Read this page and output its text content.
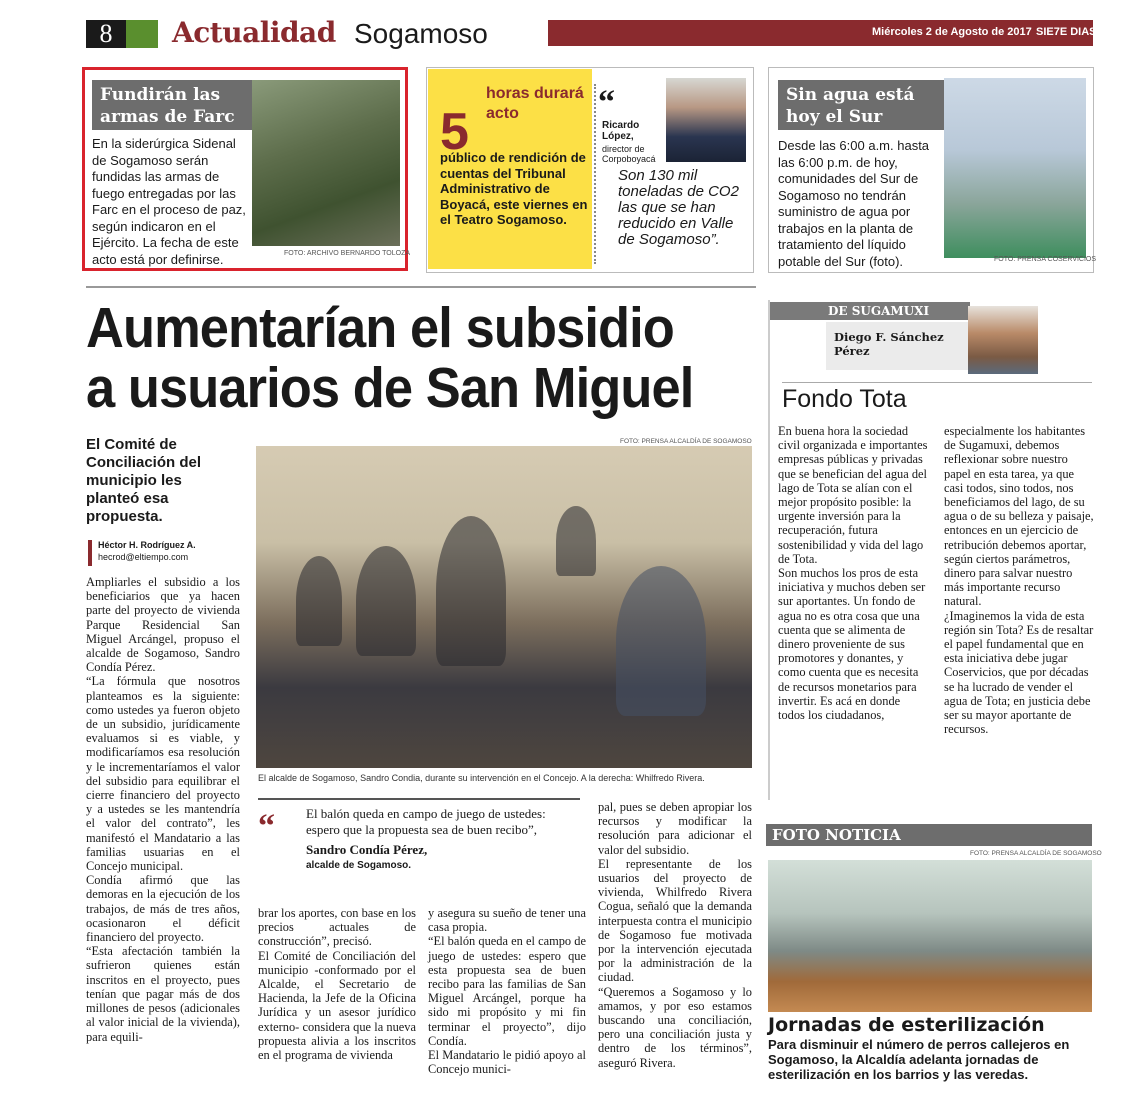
8	Actualidad Sogamoso	Miércoles 2 de Agosto de 2017 SIE7E DIAS
Fundirán las armas de Farc
En la siderúrgica Sidenal de Sogamoso serán fundidas las armas de fuego entregadas por las Farc en el proceso de paz, según indicaron en el Ejército. La fecha de este acto está por definirse.	FOTO: ARCHIVO BERNARDO TOLOZA
5
horas durará acto
público de rendición de cuentas del Tribunal Administrativo de Boyacá, este viernes en el Teatro Sogamoso.
“
Ricardo López,
director de Corpoboyacá
Son 130 mil toneladas de CO2 las que se han reducido en Valle de Sogamoso”.
Sin agua está hoy el Sur
Desde las 6:00 a.m. hasta las 6:00 p.m. de hoy, comunidades del Sur de Sogamoso no tendrán suministro de agua por trabajos en la planta de tratamiento del líquido potable del Sur (foto).	FOTO: PRENSA COSERVICIOS
Aumentarían el subsidio a usuarios de San Miguel
El Comité de Conciliación del municipio les planteó esa propuesta.
Héctor H. Rodríguez A.
hecrod@eltiempo.com
FOTO: PRENSA ALCALDÍA DE SOGAMOSO
El alcalde de Sogamoso, Sandro Condia, durante su intervención en el Concejo. A la derecha: Whilfredo Rivera.
Ampliarles el subsidio a los beneficiarios que ya hacen parte del proyecto de vivienda Parque Residencial San Miguel Arcángel, propuso el alcalde de Sogamoso, Sandro Condía Pérez.
“La fórmula que nosotros planteamos es la siguiente: como ustedes ya fueron objeto de un subsidio, jurídicamente evaluamos si es viable, y modificaríamos esa resolución y le incrementaríamos el valor del subsidio para equilibrar el cierre financiero del proyecto y a ustedes se les mantendría el valor del contrato”, les manifestó el Mandatario a las familias usuarias en el Concejo municipal.
Condía afirmó que las demoras en la ejecución de los trabajos, de más de tres años, ocasionaron el déficit financiero del proyecto.
“Esta afectación también la sufrieron quienes están inscritos en el proyecto, pues tenían que pagar más de dos millones de pesos (adicionales al valor inicial de la vivienda), para equili-
“ El balón queda en campo de juego de ustedes: espero que la propuesta sea de buen recibo”,
Sandro Condía Pérez,
alcalde de Sogamoso.
brar los aportes, con base en los precios actuales de construcción”, precisó.
El Comité de Conciliación del municipio -conformado por el Alcalde, el Secretario de Hacienda, la Jefe de la Oficina Jurídica y un asesor jurídico externo- considera que la nueva propuesta alivia a los inscritos en el programa de vivienda
y asegura su sueño de tener una casa propia.
“El balón queda en el campo de juego de ustedes: espero que esta propuesta sea de buen recibo para las familias de San Miguel Arcángel, porque ha sido mi propósito y mi fin terminar el proyecto”, dijo Condía.
El Mandatario le pidió apoyo al Concejo munici-
pal, pues se deben apropiar los recursos y modificar la resolución para adicionar el valor del subsidio.
El representante de los usuarios del proyecto de vivienda, Whilfredo Rivera Cogua, señaló que la demanda interpuesta contra el municipio de Sogamoso fue motivada por la intervención ejecutada por la administración de la ciudad.
“Queremos a Sogamoso y lo amamos, y por eso estamos buscando una conciliación, pero una conciliación justa y dentro de los términos”, aseguró Rivera.
DE SUGAMUXI
Diego F. Sánchez Pérez
Fondo Tota
En buena hora la sociedad civil organizada e importantes empresas públicas y privadas que se benefician del agua del lago de Tota se alían con el mejor propósito posible: la urgente inversión para la recuperación, futura sostenibilidad y vida del lago de Tota.
Son muchos los pros de esta iniciativa y muchos deben ser sur aportantes. Un fondo de agua no es otra cosa que una cuenta que se alimenta de dinero proveniente de sus promotores y donantes, y como cuenta que es necesita de recursos monetarios para invertir. Es acá en donde todos los ciudadanos,
especialmente los habitantes de Sugamuxi, debemos reflexionar sobre nuestro papel en esta tarea, ya que casi todos, sino todos, nos beneficiamos del lago, de su agua o de su belleza y paisaje, entonces en un ejercicio de retribución debemos aportar, según ciertos parámetros, dinero para salvar nuestro más importante recurso natural.
¿Imaginemos la vida de esta región sin Tota? Es de resaltar el papel fundamental que en esta iniciativa debe jugar Coservicios, que por décadas se ha lucrado de vender el agua de Tota; en justicia debe ser su mayor aportante de recursos.
FOTO NOTICIA
FOTO: PRENSA ALCALDÍA DE SOGAMOSO
Jornadas de esterilización
Para disminuir el número de perros callejeros en Sogamoso, la Alcaldía adelanta jornadas de esterilización en los barrios y las veredas.
